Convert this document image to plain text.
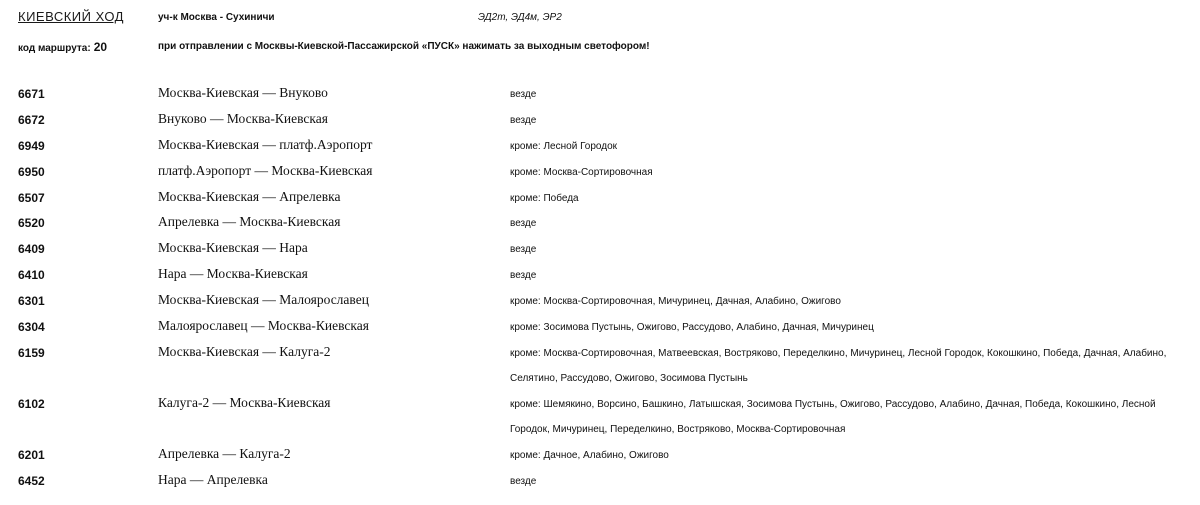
КИЕВСКИЙ ХОД	уч-к Москва - Сухиничи	ЭД2т, ЭД4м, ЭР2
код маршрута: 20	при отправлении с Москвы-Киевской-Пассажирской «ПУСК» нажимать за выходным светофором!
6671	Москва-Киевская — Внуково	везде
6672	Внуково — Москва-Киевская	везде
6949	Москва-Киевская — платф.Аэропорт	кроме: Лесной Городок
6950	платф.Аэропорт — Москва-Киевская	кроме: Москва-Сортировочная
6507	Москва-Киевская — Апрелевка	кроме: Победа
6520	Апрелевка — Москва-Киевская	везде
6409	Москва-Киевская — Нара	везде
6410	Нара — Москва-Киевская	везде
6301	Москва-Киевская — Малоярославец	кроме: Москва-Сортировочная, Мичуринец, Дачная, Алабино, Ожигово
6304	Малоярославец — Москва-Киевская	кроме: Зосимова Пустынь, Ожигово, Рассудово, Алабино, Дачная, Мичуринец
6159	Москва-Киевская — Калуга-2	кроме: Москва-Сортировочная, Матвеевская, Востряково, Переделкино, Мичуринец, Лесной Городок, Кокошкино, Победа, Дачная, Алабино, Селятино, Рассудово, Ожигово, Зосимова Пустынь
6102	Калуга-2 — Москва-Киевская	кроме: Шемякино, Ворсино, Башкино, Латышская, Зосимова Пустынь, Ожигово, Рассудово, Алабино, Дачная, Победа, Кокошкино, Лесной Городок, Мичуринец, Переделкино, Востряково, Москва-Сортировочная
6201	Апрелевка — Калуга-2	кроме: Дачное, Алабино, Ожигово
6452	Нара — Апрелевка	везде
